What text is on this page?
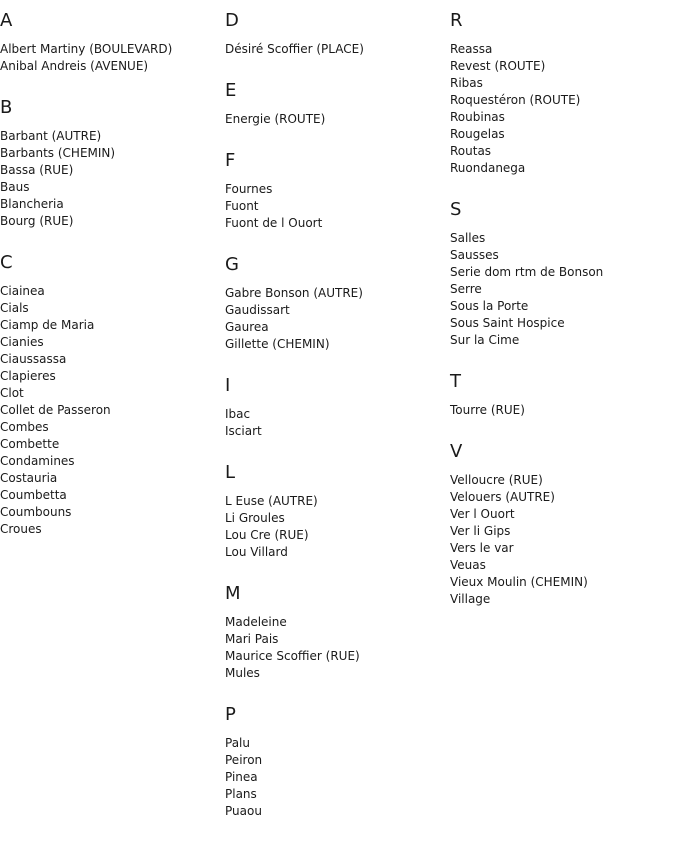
A
Albert Martiny (BOULEVARD)
Anibal Andreis (AVENUE)
B
Barbant (AUTRE)
Barbants (CHEMIN)
Bassa (RUE)
Baus
Blancheria
Bourg (RUE)
C
Ciainea
Cials
Ciamp de Maria
Cianies
Ciaussassa
Clapieres
Clot
Collet de Passeron
Combes
Combette
Condamines
Costauria
Coumbetta
Coumbouns
Croues
D
Désiré Scoffier (PLACE)
E
Energie (ROUTE)
F
Fournes
Fuont
Fuont de l Ouort
G
Gabre Bonson (AUTRE)
Gaudissart
Gaurea
Gillette (CHEMIN)
I
Ibac
Isciart
L
L Euse (AUTRE)
Li Groules
Lou Cre (RUE)
Lou Villard
M
Madeleine
Mari Pais
Maurice Scoffier (RUE)
Mules
P
Palu
Peiron
Pinea
Plans
Puaou
R
Reassa
Revest (ROUTE)
Ribas
Roquestéron (ROUTE)
Roubinas
Rougelas
Routas
Ruondanega
S
Salles
Sausses
Serie dom rtm de Bonson
Serre
Sous la Porte
Sous Saint Hospice
Sur la Cime
T
Tourre (RUE)
V
Velloucre (RUE)
Velouers (AUTRE)
Ver l Ouort
Ver li Gips
Vers le var
Veuas
Vieux Moulin (CHEMIN)
Village
